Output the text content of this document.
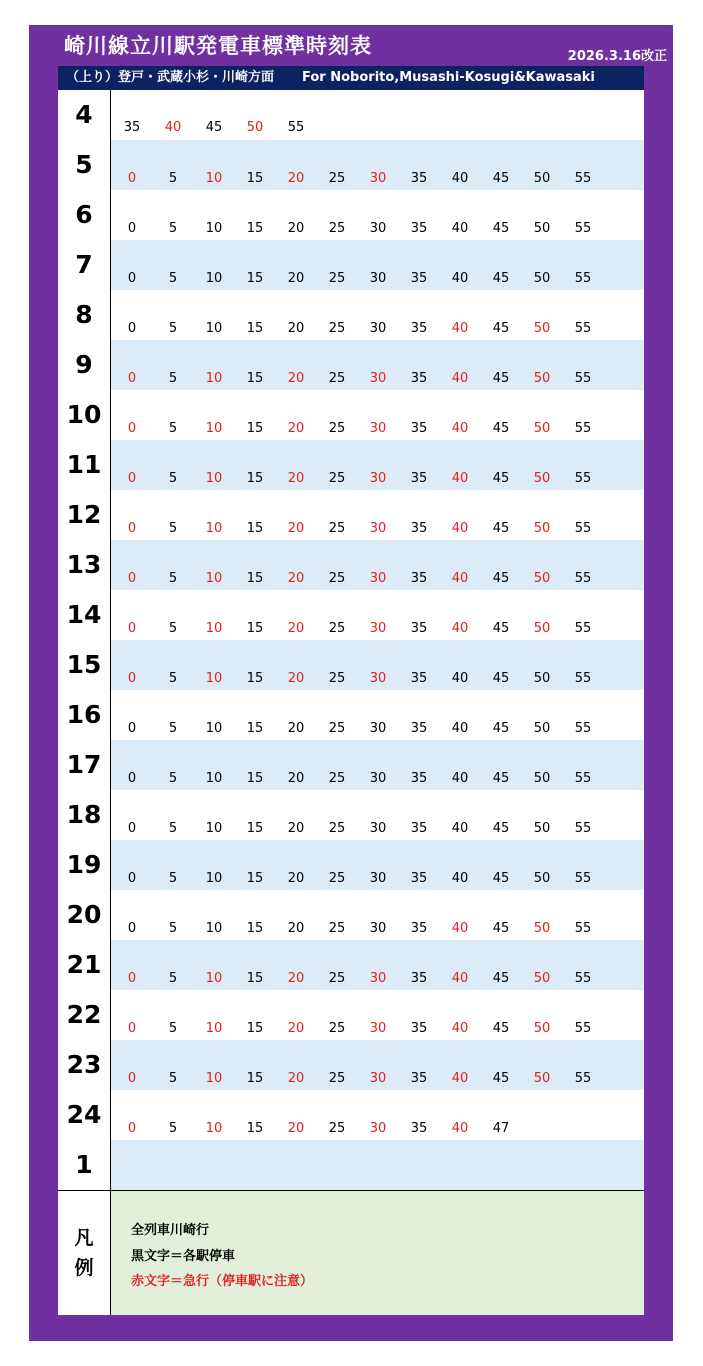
崎川線立川駅発電車標準時刻表	2026.3.16改正
（上り）登戸・武蔵小杉・川崎方面 For Noborito,Musashi-Kosugi&Kawasaki
4	35	40	45	50	55
5	0	5	10	15	20	25	30	35	40	45	50	55
6	0	5	10	15	20	25	30	35	40	45	50	55
7	0	5	10	15	20	25	30	35	40	45	50	55
8	0	5	10	15	20	25	30	35	40	45	50	55
9	0	5	10	15	20	25	30	35	40	45	50	55
10	0	5	10	15	20	25	30	35	40	45	50	55
11	0	5	10	15	20	25	30	35	40	45	50	55
12	0	5	10	15	20	25	30	35	40	45	50	55
13	0	5	10	15	20	25	30	35	40	45	50	55
14	0	5	10	15	20	25	30	35	40	45	50	55
15	0	5	10	15	20	25	30	35	40	45	50	55
16	0	5	10	15	20	25	30	35	40	45	50	55
17	0	5	10	15	20	25	30	35	40	45	50	55
18	0	5	10	15	20	25	30	35	40	45	50	55
19	0	5	10	15	20	25	30	35	40	45	50	55
20	0	5	10	15	20	25	30	35	40	45	50	55
21	0	5	10	15	20	25	30	35	40	45	50	55
22	0	5	10	15	20	25	30	35	40	45	50	55
23	0	5	10	15	20	25	30	35	40	45	50	55
24	0	5	10	15	20	25	30	35	40	47
1
凡
例
全列車川崎行
黒文字＝各駅停車
赤文字＝急行（停車駅に注意）
